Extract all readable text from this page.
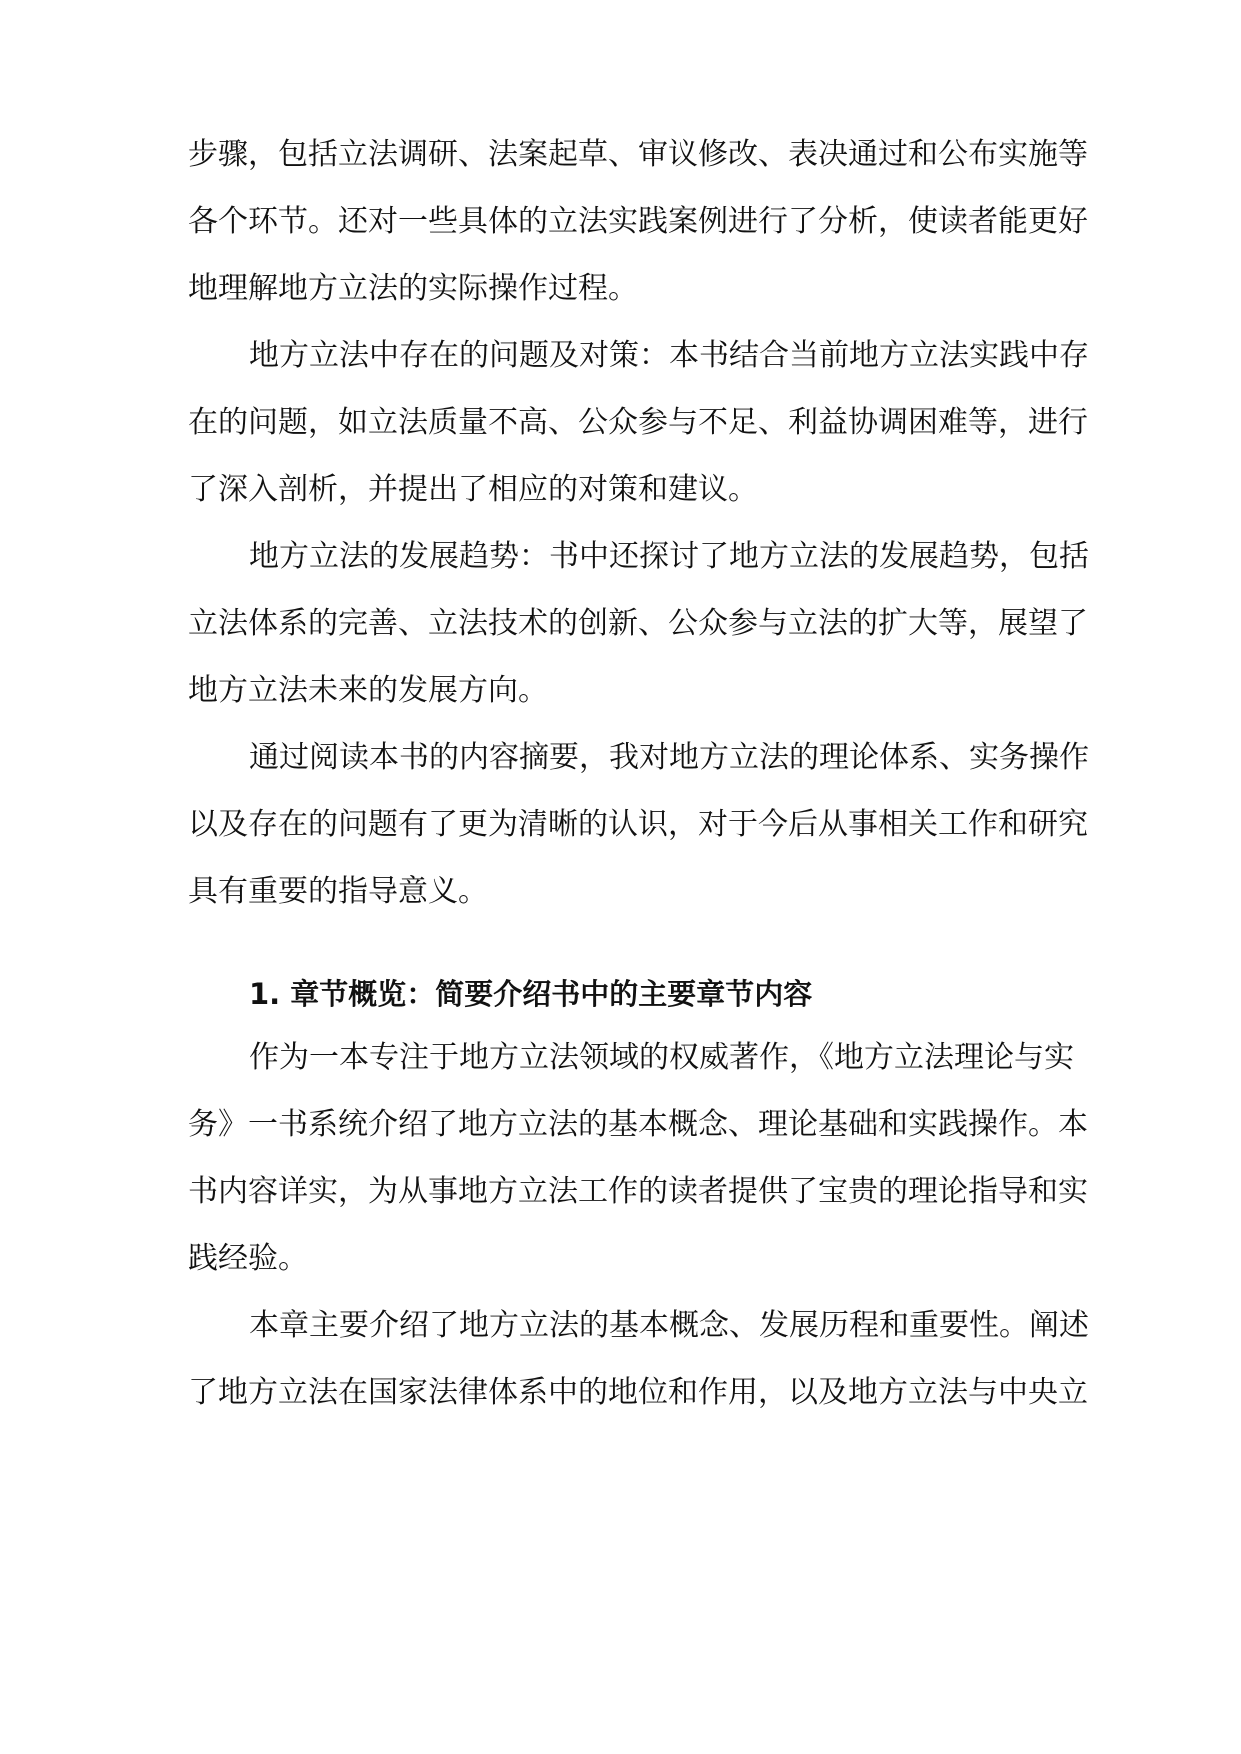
步骤，包括立法调研、法案起草、审议修改、表决通过和公布实施等
各个环节。还对一些具体的立法实践案例进行了分析，使读者能更好
地理解地方立法的实际操作过程。
地方立法中存在的问题及对策：本书结合当前地方立法实践中存
在的问题，如立法质量不高、公众参与不足、利益协调困难等，进行
了深入剖析，并提出了相应的对策和建议。
地方立法的发展趋势：书中还探讨了地方立法的发展趋势，包括
立法体系的完善、立法技术的创新、公众参与立法的扩大等，展望了
地方立法未来的发展方向。
通过阅读本书的内容摘要，我对地方立法的理论体系、实务操作
以及存在的问题有了更为清晰的认识，对于今后从事相关工作和研究
具有重要的指导意义。
1. 章节概览：简要介绍书中的主要章节内容
作为一本专注于地方立法领域的权威著作，《地方立法理论与实
务》一书系统介绍了地方立法的基本概念、理论基础和实践操作。本
书内容详实，为从事地方立法工作的读者提供了宝贵的理论指导和实
践经验。
本章主要介绍了地方立法的基本概念、发展历程和重要性。阐述
了地方立法在国家法律体系中的地位和作用，以及地方立法与中央立
